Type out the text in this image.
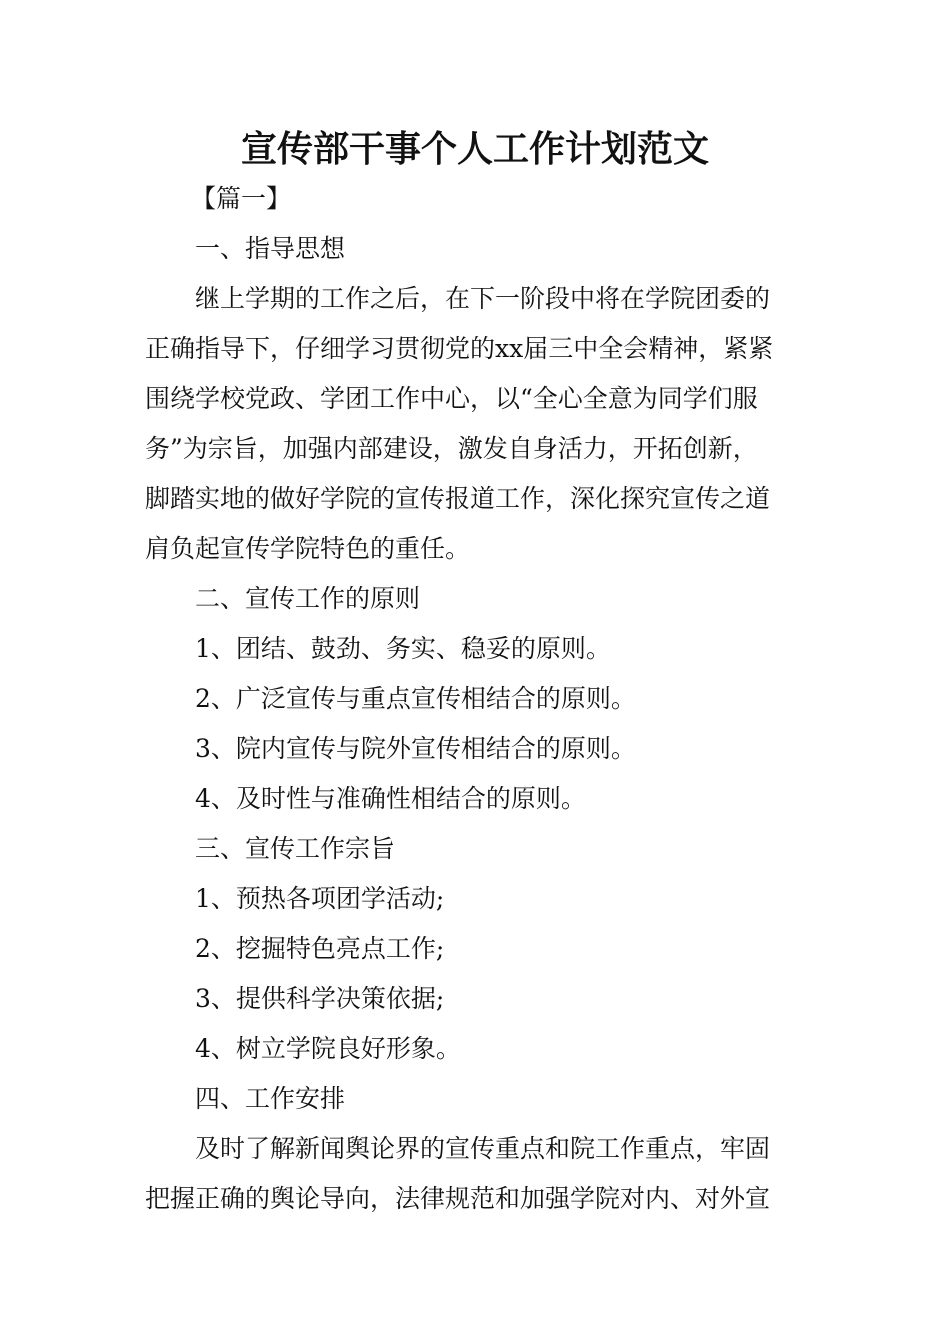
宣传部干事个人工作计划范文

【篇一】

一、指导思想

继上学期的工作之后，在下一阶段中将在学院团委的

正确指导下，仔细学习贯彻党的xx届三中全会精神，紧紧

围绕学校党政、学团工作中心，以“全心全意为同学们服

务”为宗旨，加强内部建设，激发自身活力，开拓创新，

脚踏实地的做好学院的宣传报道工作，深化探究宣传之道

肩负起宣传学院特色的重任。

二、宣传工作的原则

1、团结、鼓劲、务实、稳妥的原则。

2、广泛宣传与重点宣传相结合的原则。

3、院内宣传与院外宣传相结合的原则。

4、及时性与准确性相结合的原则。

三、宣传工作宗旨

1、预热各项团学活动;

2、挖掘特色亮点工作;

3、提供科学决策依据;

4、树立学院良好形象。

四、工作安排

及时了解新闻舆论界的宣传重点和院工作重点，牢固

把握正确的舆论导向，法律规范和加强学院对内、对外宣
